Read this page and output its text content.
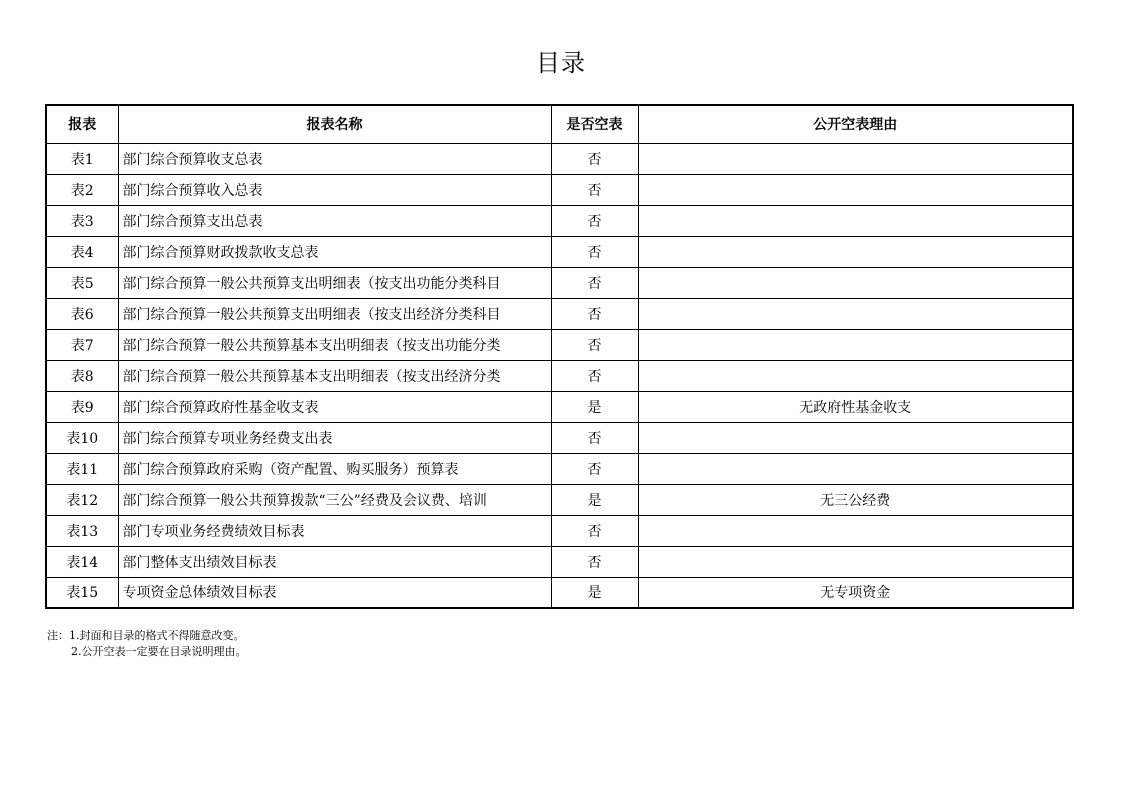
目录
报表	报表名称	是否空表	公开空表理由
表1	部门综合预算收支总表	否	
表2	部门综合预算收入总表	否	
表3	部门综合预算支出总表	否	
表4	部门综合预算财政拨款收支总表	否	
表5	部门综合预算一般公共预算支出明细表（按支出功能分类科目	否	
表6	部门综合预算一般公共预算支出明细表（按支出经济分类科目	否	
表7	部门综合预算一般公共预算基本支出明细表（按支出功能分类	否	
表8	部门综合预算一般公共预算基本支出明细表（按支出经济分类	否	
表9	部门综合预算政府性基金收支表	是	无政府性基金收支
表10	部门综合预算专项业务经费支出表	否	
表11	部门综合预算政府采购（资产配置、购买服务）预算表	否	
表12	部门综合预算一般公共预算拨款“三公”经费及会议费、培训	是	无三公经费
表13	部门专项业务经费绩效目标表	否	
表14	部门整体支出绩效目标表	否	
表15	专项资金总体绩效目标表	是	无专项资金
注：1.封面和目录的格式不得随意改变。
2.公开空表一定要在目录说明理由。
